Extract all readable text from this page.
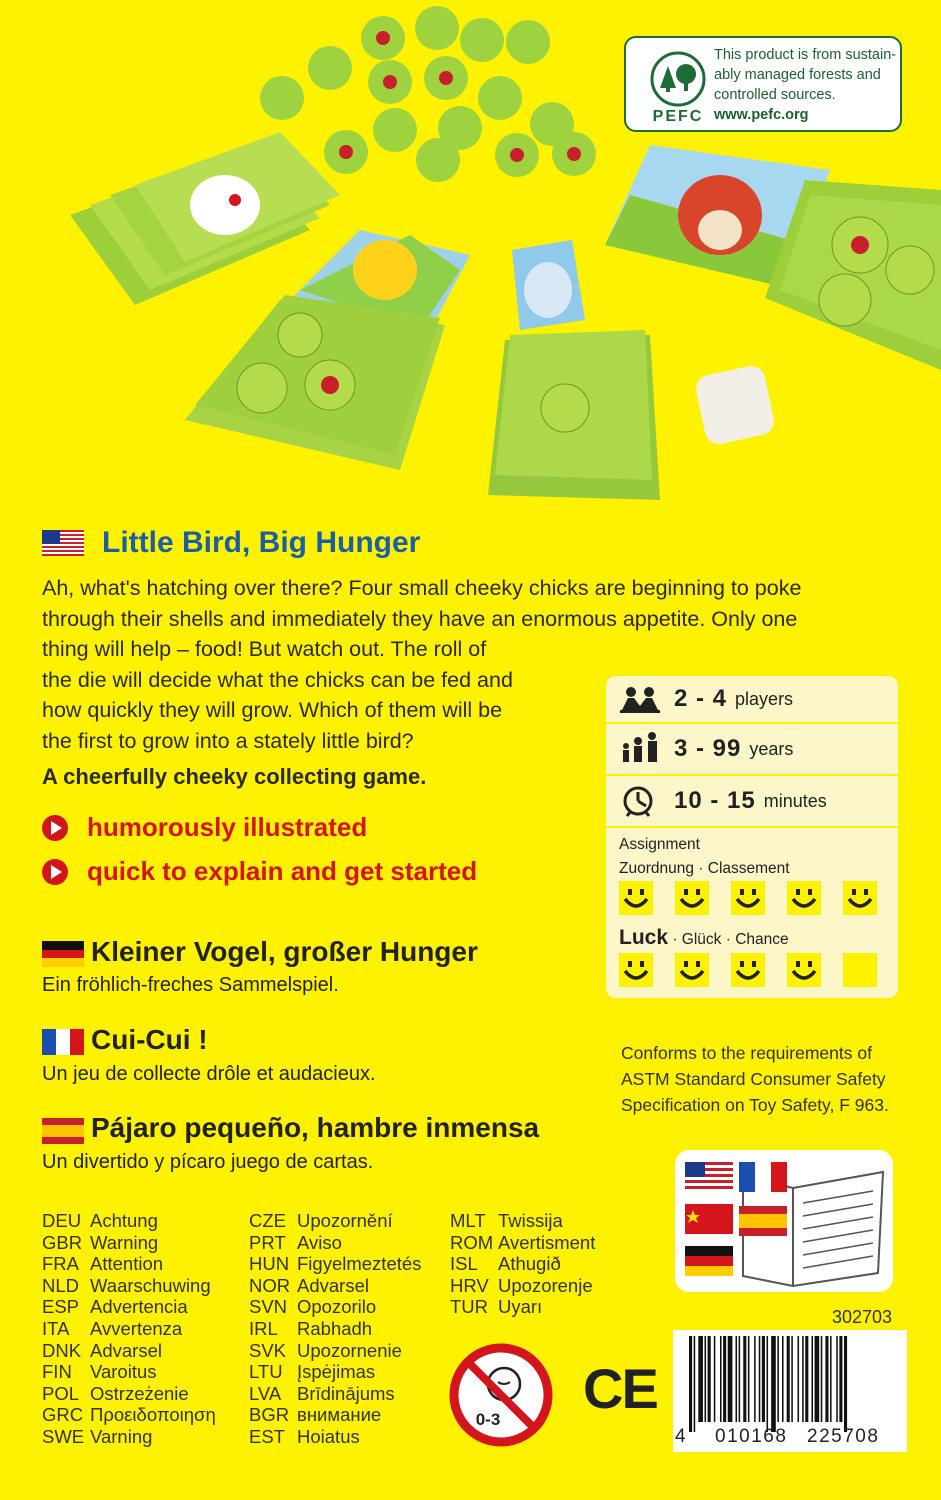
PEFC
This product is from sustain-
ably managed forests and
controlled sources.
www.pefc.org
Little Bird, Big Hunger
Ah, what's hatching over there? Four small cheeky chicks are beginning to poke
through their shells and immediately they have an enormous appetite. Only one
thing will help – food! But watch out. The roll of
the die will decide what the chicks can be fed and
how quickly they will grow. Which of them will be
the first to grow into a stately little bird?
A cheerfully cheeky collecting game.
humorously illustrated
quick to explain and get started
Kleiner Vogel, großer Hunger
Ein fröhlich-freches Sammelspiel.
Cui-Cui !
Un jeu de collecte drôle et audacieux.
Pájaro pequeño, hambre inmensa
Un divertido y pícaro juego de cartas.
2 - 4 players
3 - 99 years
10 - 15 minutes
Assignment
Zuordnung · Classement
Luck · Glück · Chance
Conforms to the requirements of
ASTM Standard Consumer Safety
Specification on Toy Safety, F 963.
DEU Achtung
GBR Warning
FRA Attention
NLD Waarschuwing
ESP Advertencia
ITA	Avvertenza
DNK Advarsel
FIN Varoitus
POL Ostrzeżenie
GRC Προειδοποιηση
SWE Varning
CZE Upozornění
PRT Aviso
HUN Figyelmeztetés
NOR Advarsel
SVN Opozorilo
IRL	Rabhadh
SVK Upozornenie
LTU Įspėjimas
LVA Brīdinājums
BGR внимание
EST Hoiatus
MLT Twissija
ROM Avertisment
ISL	Athugið
HRV Upozorenje
TUR Uyarı
0-3 CE
302703
4 010168 225708
